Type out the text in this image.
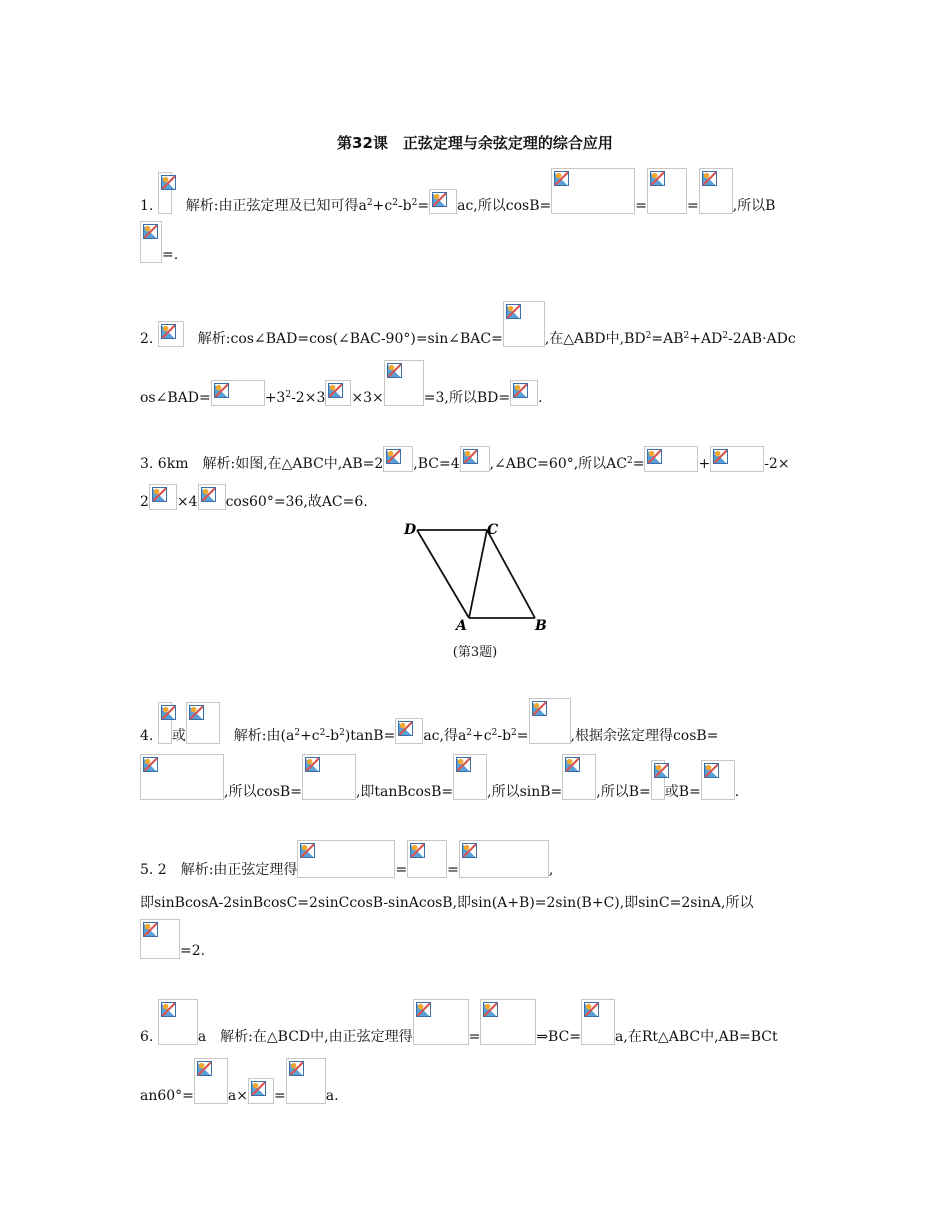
第32课　正弦定理与余弦定理的综合应用
1. 　解析:由正弦定理及已知可得$a^2+c^2-b^2=$ ac,所以cosB=	=	= ,所以B
=.
2. 　解析:cos∠BAD=cos(∠BAC-90°)=sin∠BAC=	,在△ABD中$,BD^2=AB^2+AD^2-2AB\cdot ADc$
os∠BAD=	$+3^2-2\times 3 \times 3\times$	=3,所以BD= .
3. 6km　解析:如图,在△ABC中,AB=2 ,BC=4 ,∠ABC=60°,所以$AC^2=$	+	-2×
2 ×4 cos60°=36,故AC=6.
D	C
A	B
(第3题)
4. 或　解析:由$(a^2+c^2-b^2)\tan B=$ ac,得$a^2+c^2-b^2=$	,根据余弦定理得cosB=
,所以cosB=	,即tanBcosB= ,所以sinB= ,所以B= 或B= .
5. 2　解析:由正弦定理得	=	=	,
即sinBcosA-2sinBcosC=2sinCcosB-sinAcosB,即sin(A+B)=2sin(B+C),即sinC=2sinA,所以
=2.
6.	a　解析:在△BCD中,由正弦定理得	=	⇒BC= a,在Rt△ABC中,AB=BCt
an60°= a× =	a.
